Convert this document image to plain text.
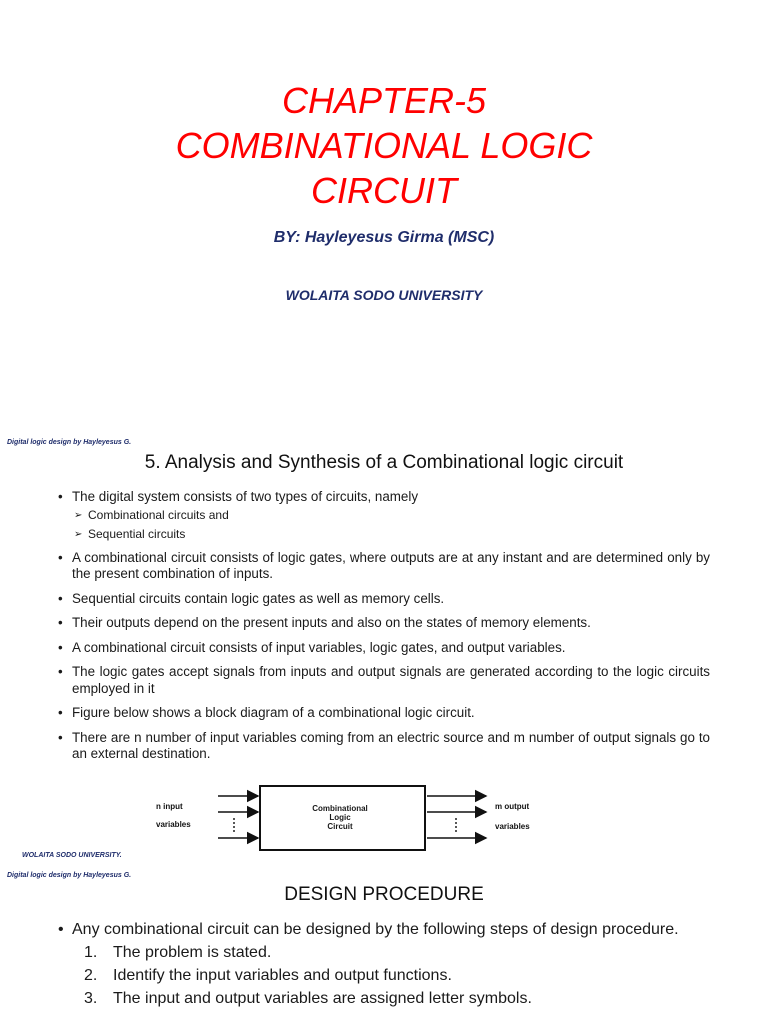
CHAPTER-5
COMBINATIONAL LOGIC
CIRCUIT
BY: Hayleyesus Girma (MSC)
WOLAITA SODO UNIVERSITY
Digital logic design by Hayleyesus G.
5. Analysis and Synthesis of a Combinational logic circuit
• The digital system consists of two types of circuits, namely
➢ Combinational circuits and
➢ Sequential circuits
• A combinational circuit consists of logic gates, where outputs are at any instant and are determined only by the present combination of inputs.
• Sequential circuits contain logic gates as well as memory cells.
• Their outputs depend on the present inputs and also on the states of memory elements.
• A combinational circuit consists of input variables, logic gates, and output variables.
• The logic gates accept signals from inputs and output signals are generated according to the logic circuits employed in it
• Figure below shows a block diagram of a combinational logic circuit.
• There are n number of input variables coming from an electric source and m number of output signals go to an external destination.
n input
variables
Combinational
Logic
Circuit
m output
variables
WOLAITA SODO UNIVERSITY.
Digital logic design by Hayleyesus G.
DESIGN PROCEDURE
• Any combinational circuit can be designed by the following steps of design procedure.
1. The problem is stated.
2. Identify the input variables and output functions.
3. The input and output variables are assigned letter symbols.
